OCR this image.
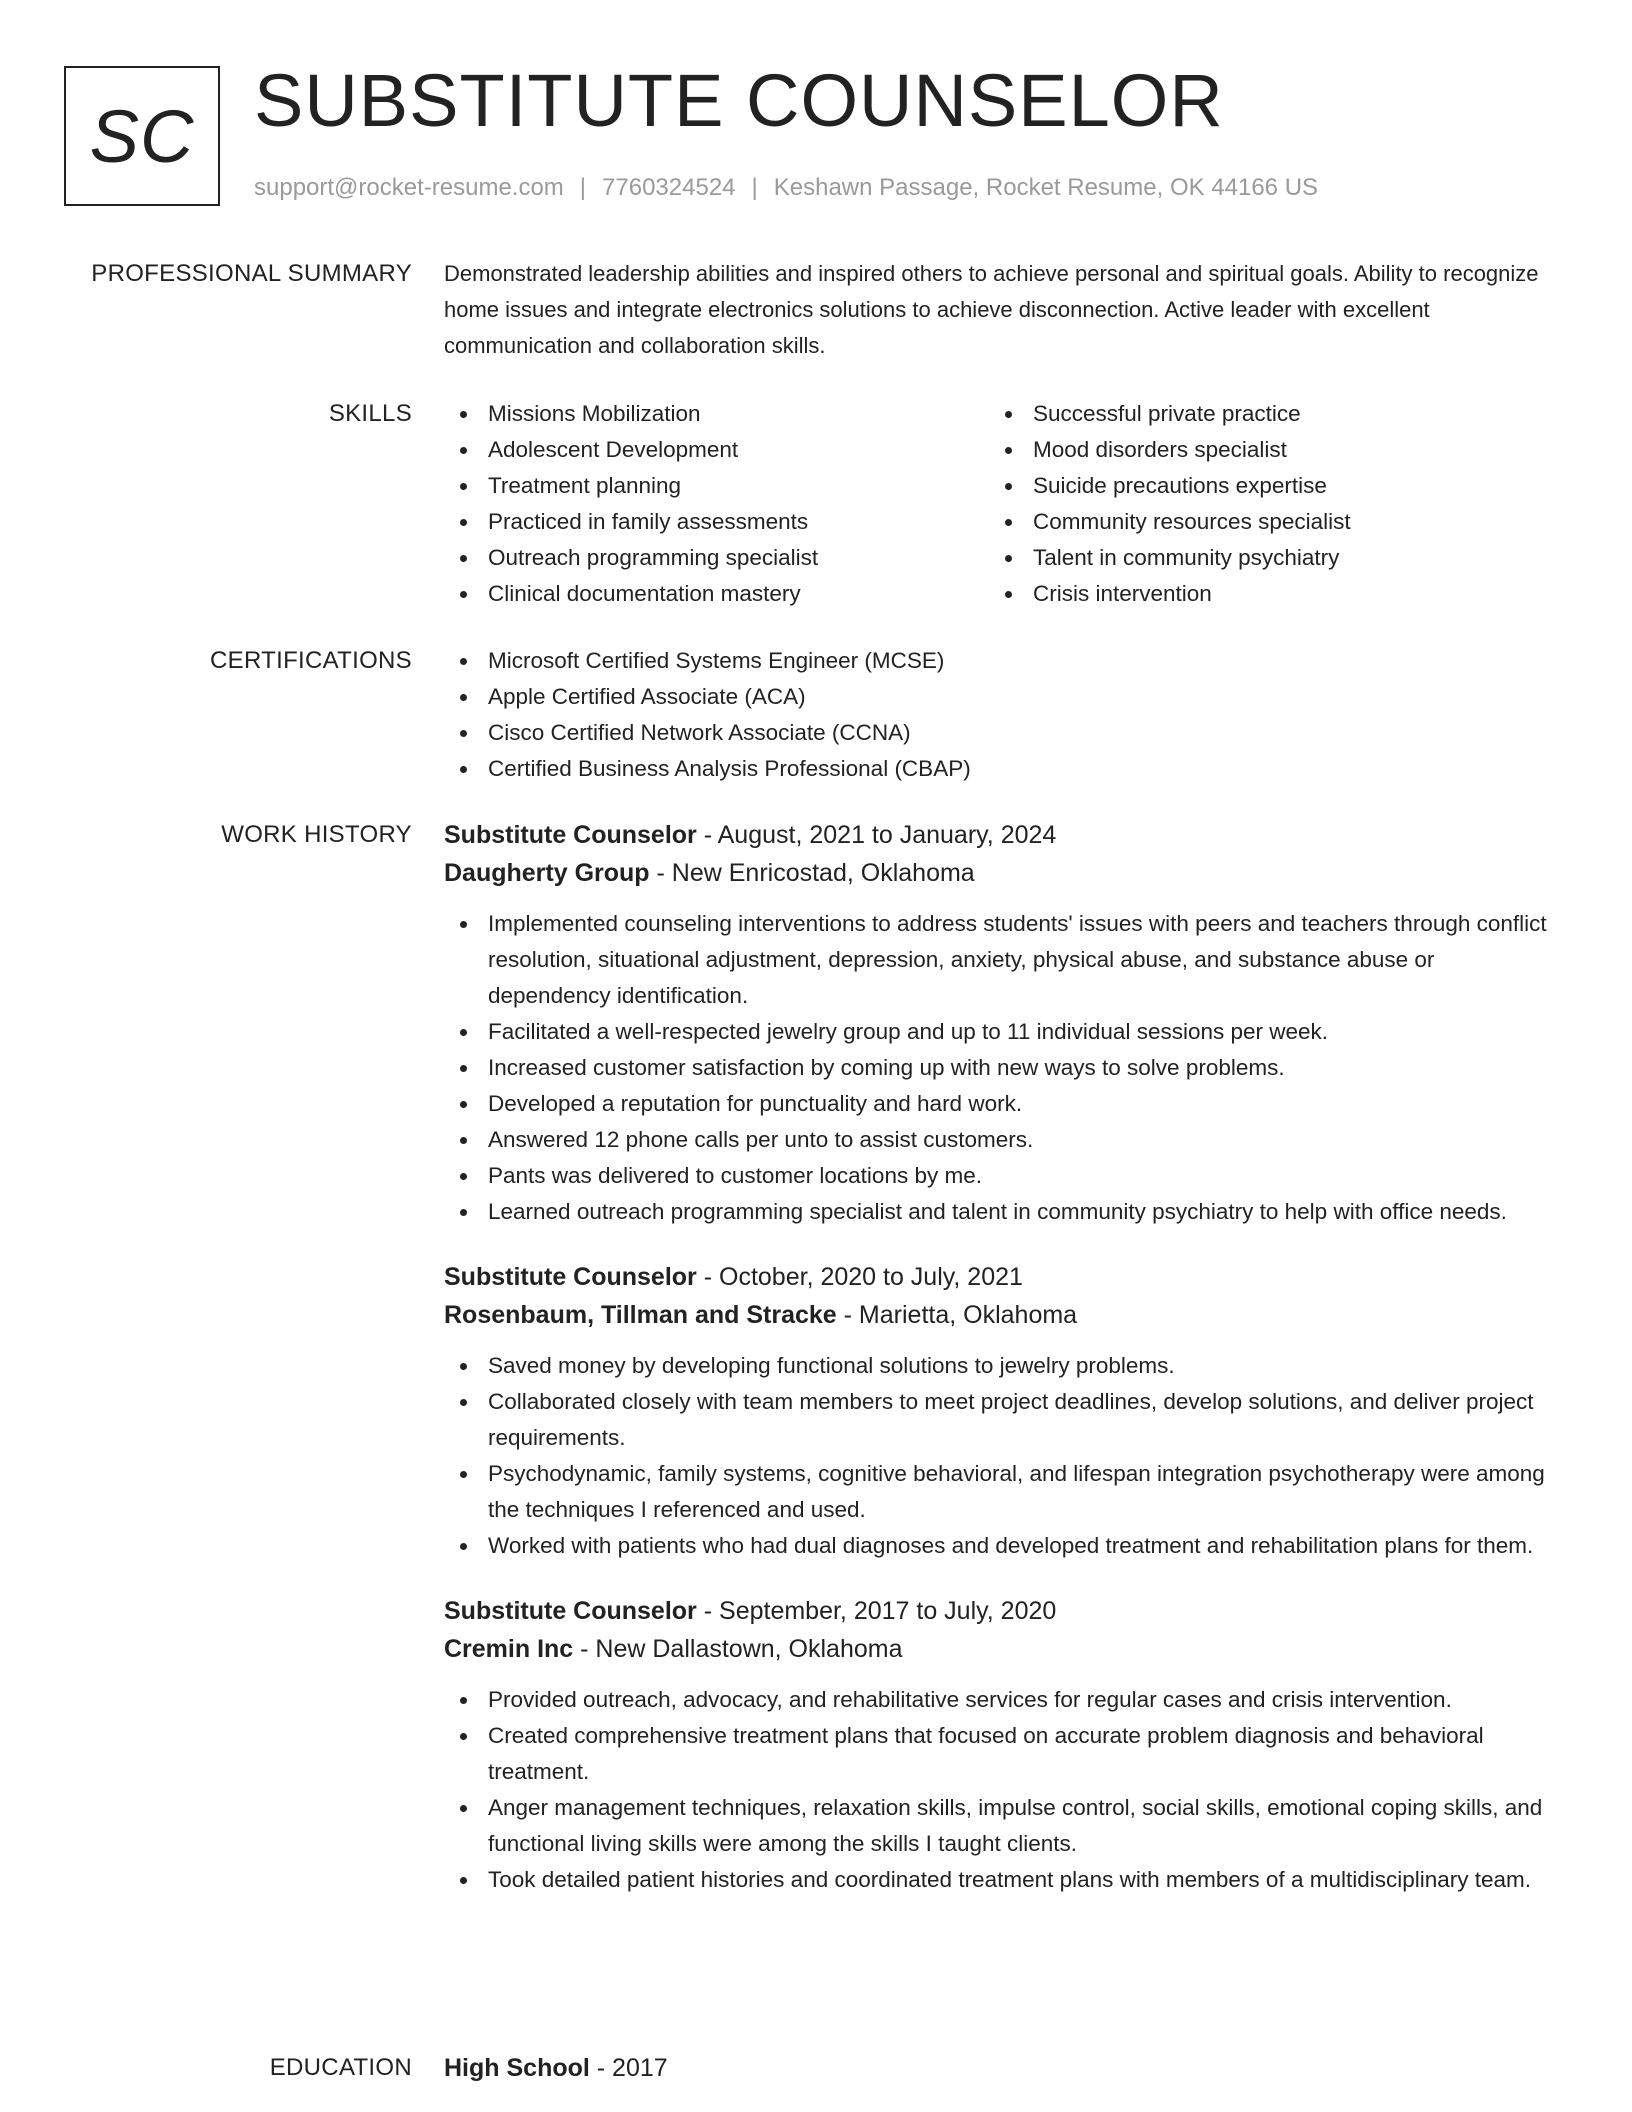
SC SUBSTITUTE COUNSELOR
support@rocket-resume.com | 7760324524 | Keshawn Passage, Rocket Resume, OK 44166 US
PROFESSIONAL SUMMARY Demonstrated leadership abilities and inspired others to achieve personal and spiritual goals. Ability to recognize home issues and integrate electronics solutions to achieve disconnection. Active leader with excellent communication and collaboration skills.
SKILLS	Missions Mobilization
Adolescent Development
Treatment planning
Practiced in family assessments
Outreach programming specialist
Clinical documentation mastery
Successful private practice
Mood disorders specialist
Suicide precautions expertise
Community resources specialist
Talent in community psychiatry
Crisis intervention
CERTIFICATIONS	Microsoft Certified Systems Engineer (MCSE)
Apple Certified Associate (ACA)
Cisco Certified Network Associate (CCNA)
Certified Business Analysis Professional (CBAP)
WORK HISTORY Substitute Counselor - August, 2021 to January, 2024
Daugherty Group - New Enricostad, Oklahoma
Implemented counseling interventions to address students' issues with peers and teachers through conflict resolution, situational adjustment, depression, anxiety, physical abuse, and substance abuse or dependency identification.
Facilitated a well-respected jewelry group and up to 11 individual sessions per week.
Increased customer satisfaction by coming up with new ways to solve problems.
Developed a reputation for punctuality and hard work.
Answered 12 phone calls per unto to assist customers.
Pants was delivered to customer locations by me.
Learned outreach programming specialist and talent in community psychiatry to help with office needs.
Substitute Counselor - October, 2020 to July, 2021
Rosenbaum, Tillman and Stracke - Marietta, Oklahoma
Saved money by developing functional solutions to jewelry problems.
Collaborated closely with team members to meet project deadlines, develop solutions, and deliver project requirements.
Psychodynamic, family systems, cognitive behavioral, and lifespan integration psychotherapy were among the techniques I referenced and used.
Worked with patients who had dual diagnoses and developed treatment and rehabilitation plans for them.
Substitute Counselor - September, 2017 to July, 2020
Cremin Inc - New Dallastown, Oklahoma
Provided outreach, advocacy, and rehabilitative services for regular cases and crisis intervention.
Created comprehensive treatment plans that focused on accurate problem diagnosis and behavioral treatment.
Anger management techniques, relaxation skills, impulse control, social skills, emotional coping skills, and functional living skills were among the skills I taught clients.
Took detailed patient histories and coordinated treatment plans with members of a multidisciplinary team.
EDUCATION High School - 2017
